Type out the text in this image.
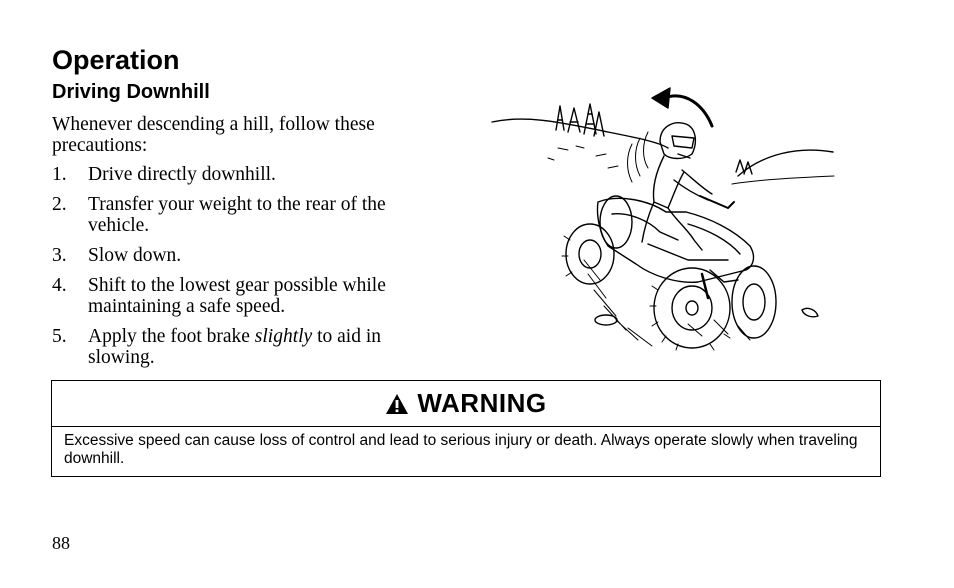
Operation
Driving Downhill

Whenever descending a hill, follow these precautions:

1. Drive directly downhill.
2. Transfer your weight to the rear of the vehicle.
3. Slow down.
4. Shift to the lowest gear possible while maintaining a safe speed.
5. Apply the foot brake slightly to aid in slowing.
WARNING
Excessive speed can cause loss of control and lead to serious injury or death. Always operate slowly when traveling downhill.
88
